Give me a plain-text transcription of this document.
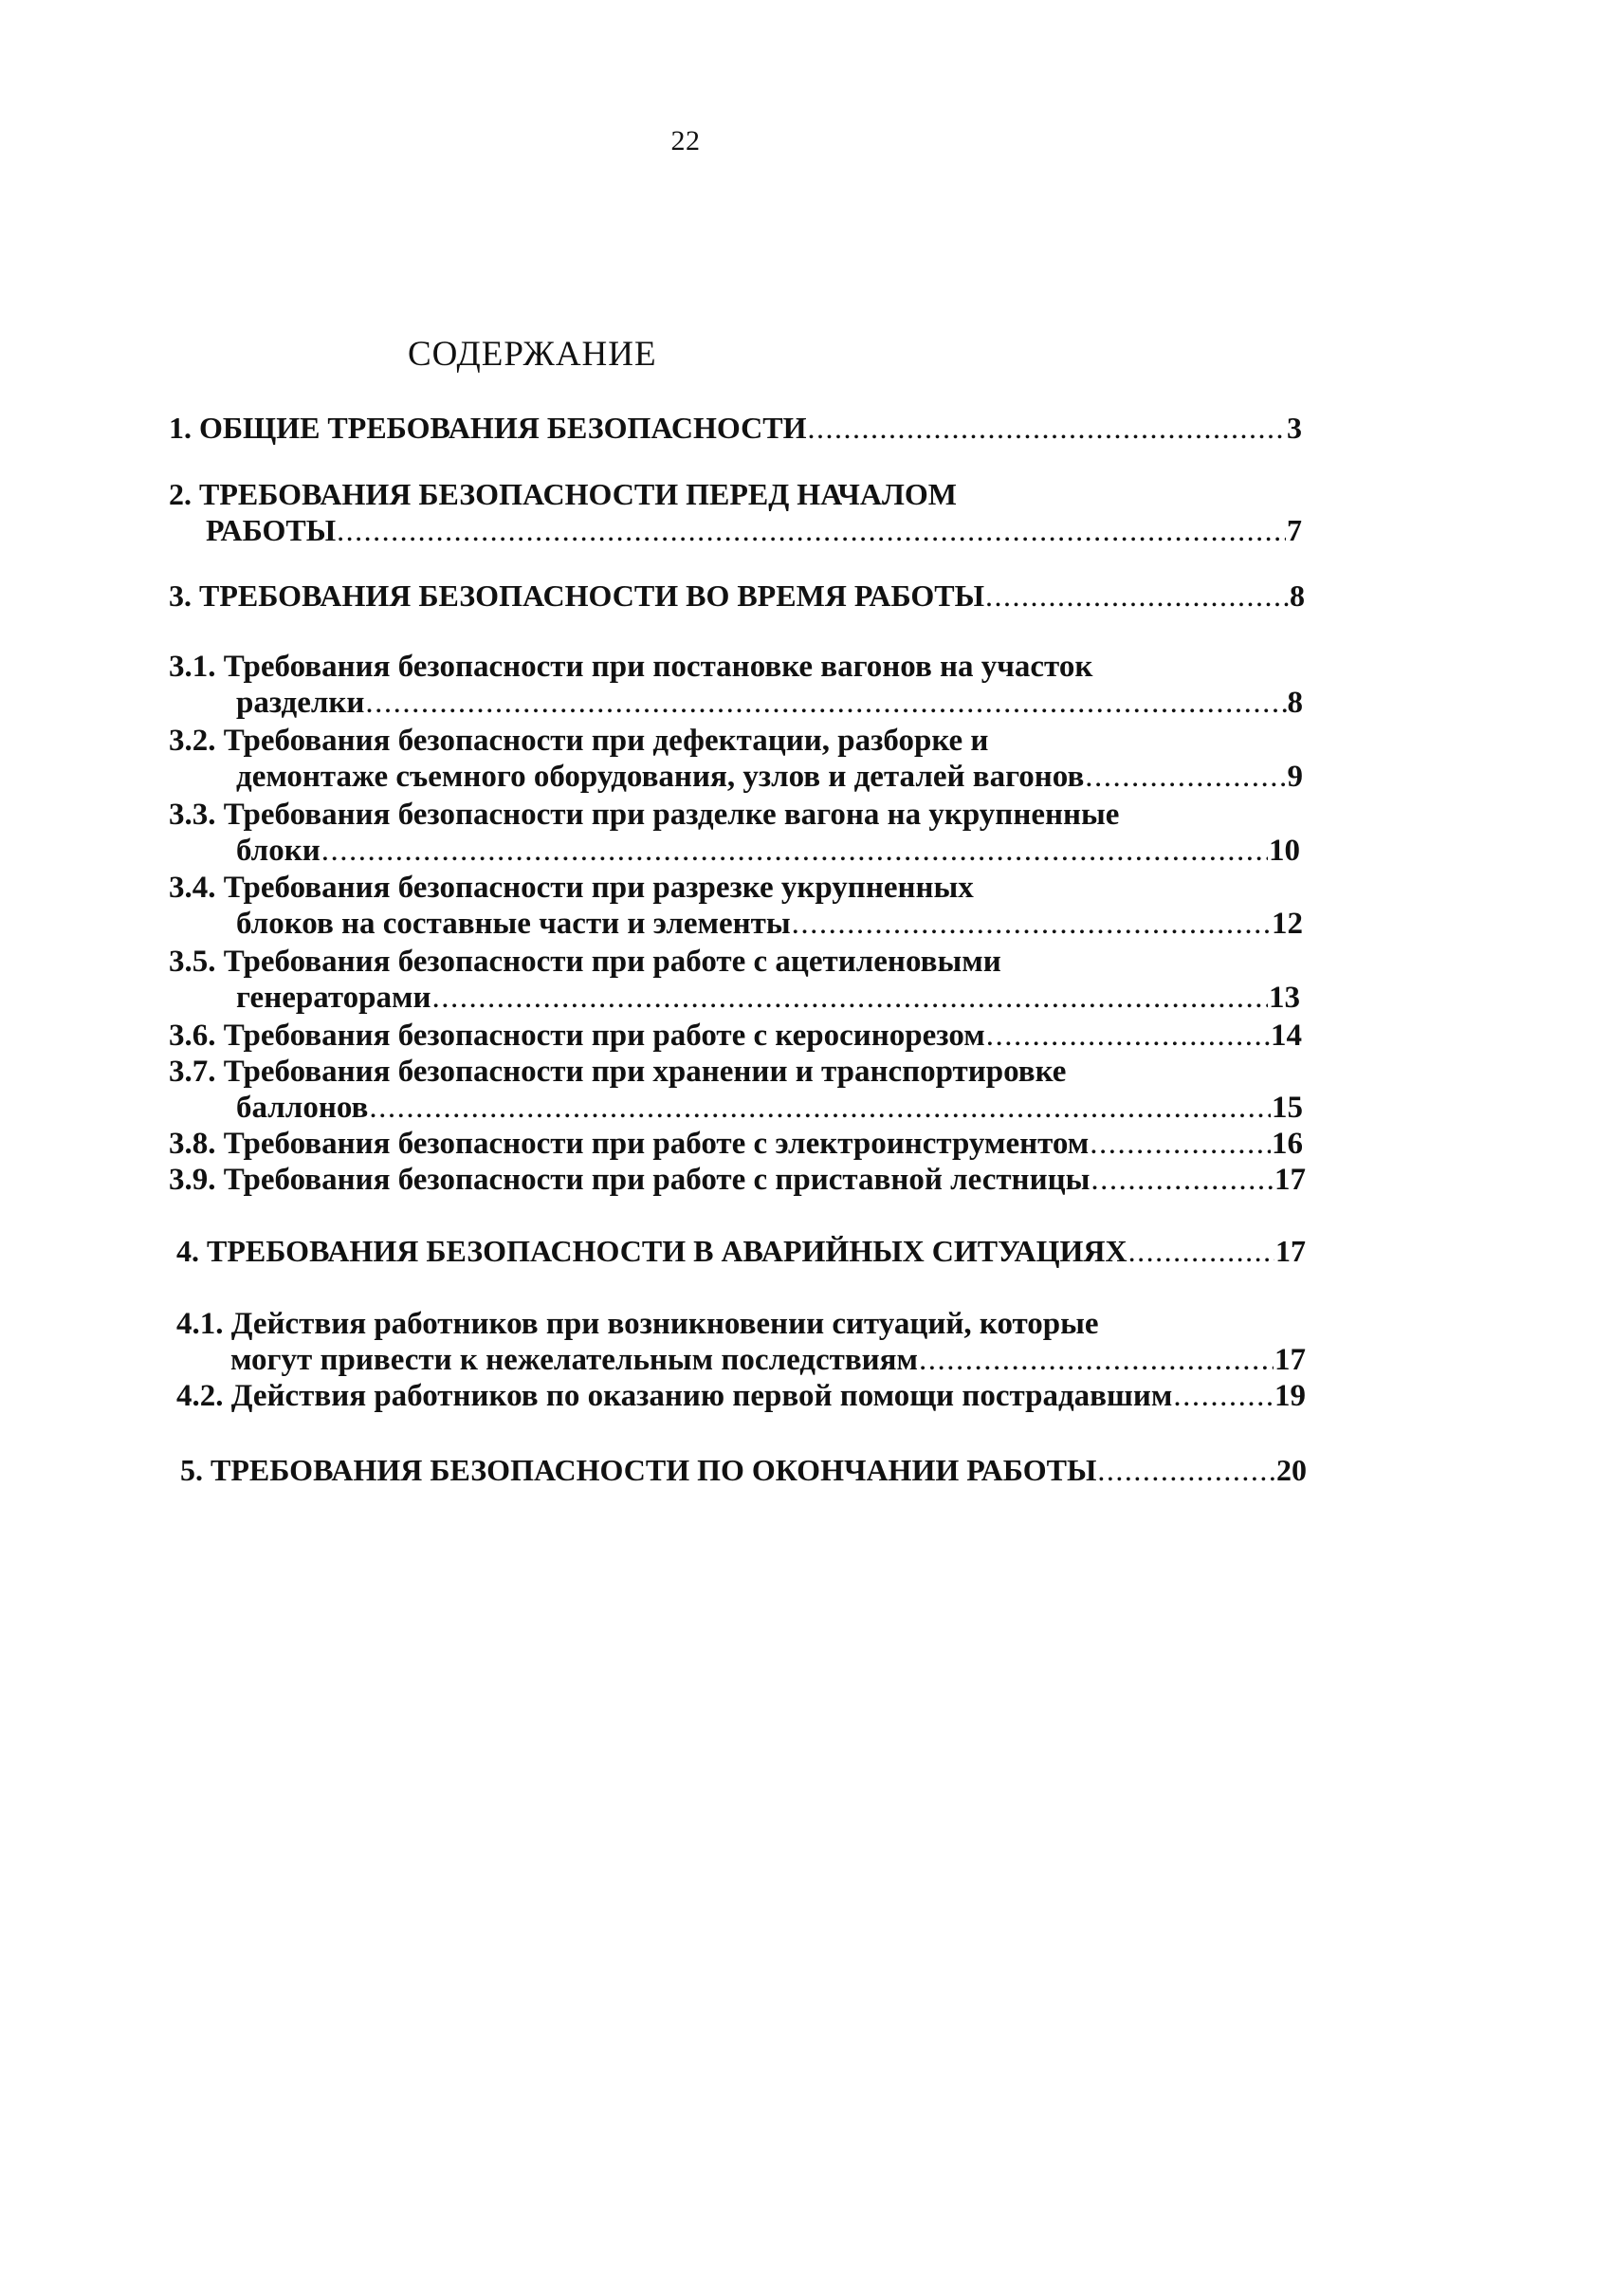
22
СОДЕРЖАНИЕ
1. ОБЩИЕ ТРЕБОВАНИЯ БЕЗОПАСНОСТИ .....	3
2. ТРЕБОВАНИЯ БЕЗОПАСНОСТИ ПЕРЕД НАЧАЛОМ
РАБОТЫ .....	7
3. ТРЕБОВАНИЯ БЕЗОПАСНОСТИ ВО ВРЕМЯ РАБОТЫ .....	8
3.1. Требования безопасности при постановке вагонов на участок
разделки .....	8
3.2. Требования безопасности при дефектации, разборке и
демонтаже съемного оборудования, узлов и деталей вагонов .....	9
3.3. Требования безопасности при разделке вагона на укрупненные
блоки .....	10
3.4. Требования безопасности при разрезке укрупненных
блоков на составные части и элементы .....	12
3.5. Требования безопасности при работе с ацетиленовыми
генераторами .....	13
3.6. Требования безопасности при работе с керосинорезом .....	14
3.7. Требования безопасности при хранении и транспортировке
баллонов .....	15
3.8. Требования безопасности при работе с электроинструментом .....	16
3.9. Требования безопасности при работе с приставной лестницы .....	17
4. ТРЕБОВАНИЯ БЕЗОПАСНОСТИ В АВАРИЙНЫХ СИТУАЦИЯХ .....	17
4.1. Действия работников при возникновении ситуаций, которые
могут привести к нежелательным последствиям .....	17
4.2. Действия работников по оказанию первой помощи пострадавшим .....	19
5. ТРЕБОВАНИЯ БЕЗОПАСНОСТИ ПО ОКОНЧАНИИ РАБОТЫ .....	20
